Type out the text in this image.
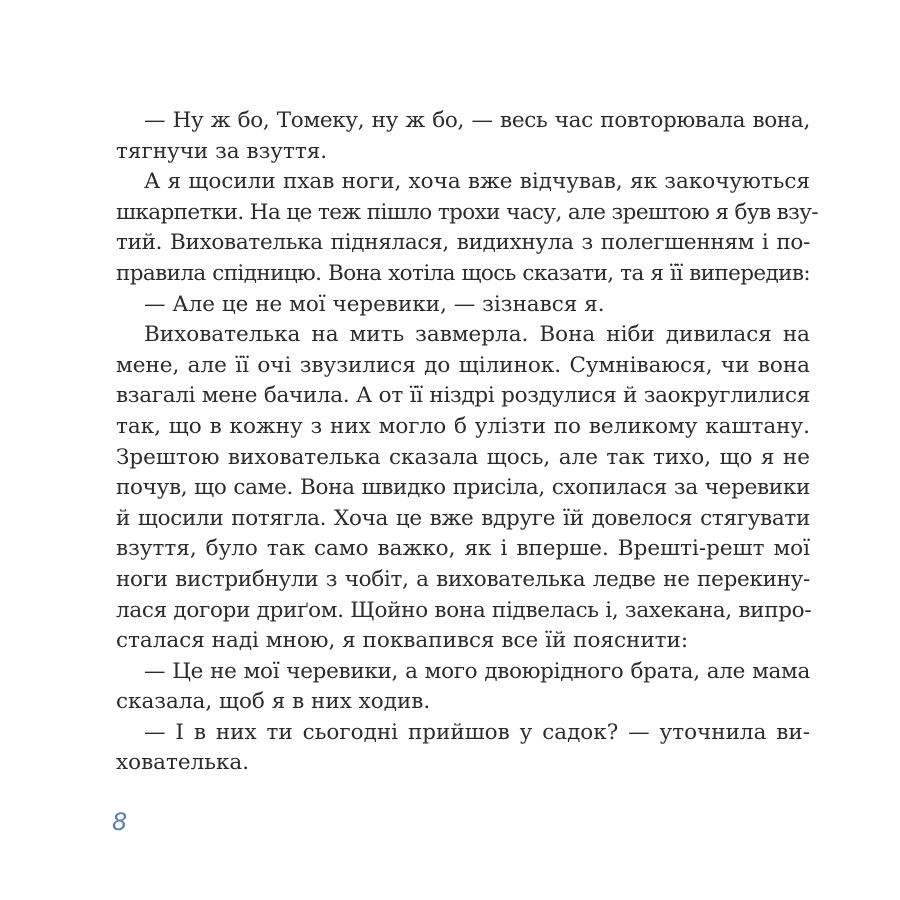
— Ну ж бо, Томеку, ну ж бо, — весь час повторювала вона,
тягнучи за взуття.
А я щосили пхав ноги, хоча вже відчував, як закочуються
шкарпетки. На це теж пішло трохи часу, але зрештою я був взу-
тий. Вихователька піднялася, видихнула з полегшенням і по-
правила спідницю. Вона хотіла щось сказати, та я її випередив:
— Але це не мої черевики, — зізнався я.
Вихователька на мить завмерла. Вона ніби дивилася на
мене, але її очі звузилися до щілинок. Сумніваюся, чи вона
взагалі мене бачила. А от її ніздрі роздулися й заокруглилися
так, що в кожну з них могло б улізти по великому каштану.
Зрештою вихователька сказала щось, але так тихо, що я не
почув, що саме. Вона швидко присіла, схопилася за черевики
й щосили потягла. Хоча це вже вдруге їй довелося стягувати
взуття, було так само важко, як і вперше. Врешті-решт мої
ноги вистрибнули з чобіт, а вихователька ледве не перекину-
лася догори дриґом. Щойно вона підвелась і, захекана, випро-
сталася наді мною, я поквапився все їй пояснити:
— Це не мої черевики, а мого двоюрідного брата, але мама
сказала, щоб я в них ходив.
— І в них ти сьогодні прийшов у садок? — уточнила ви-
хователька.
8
